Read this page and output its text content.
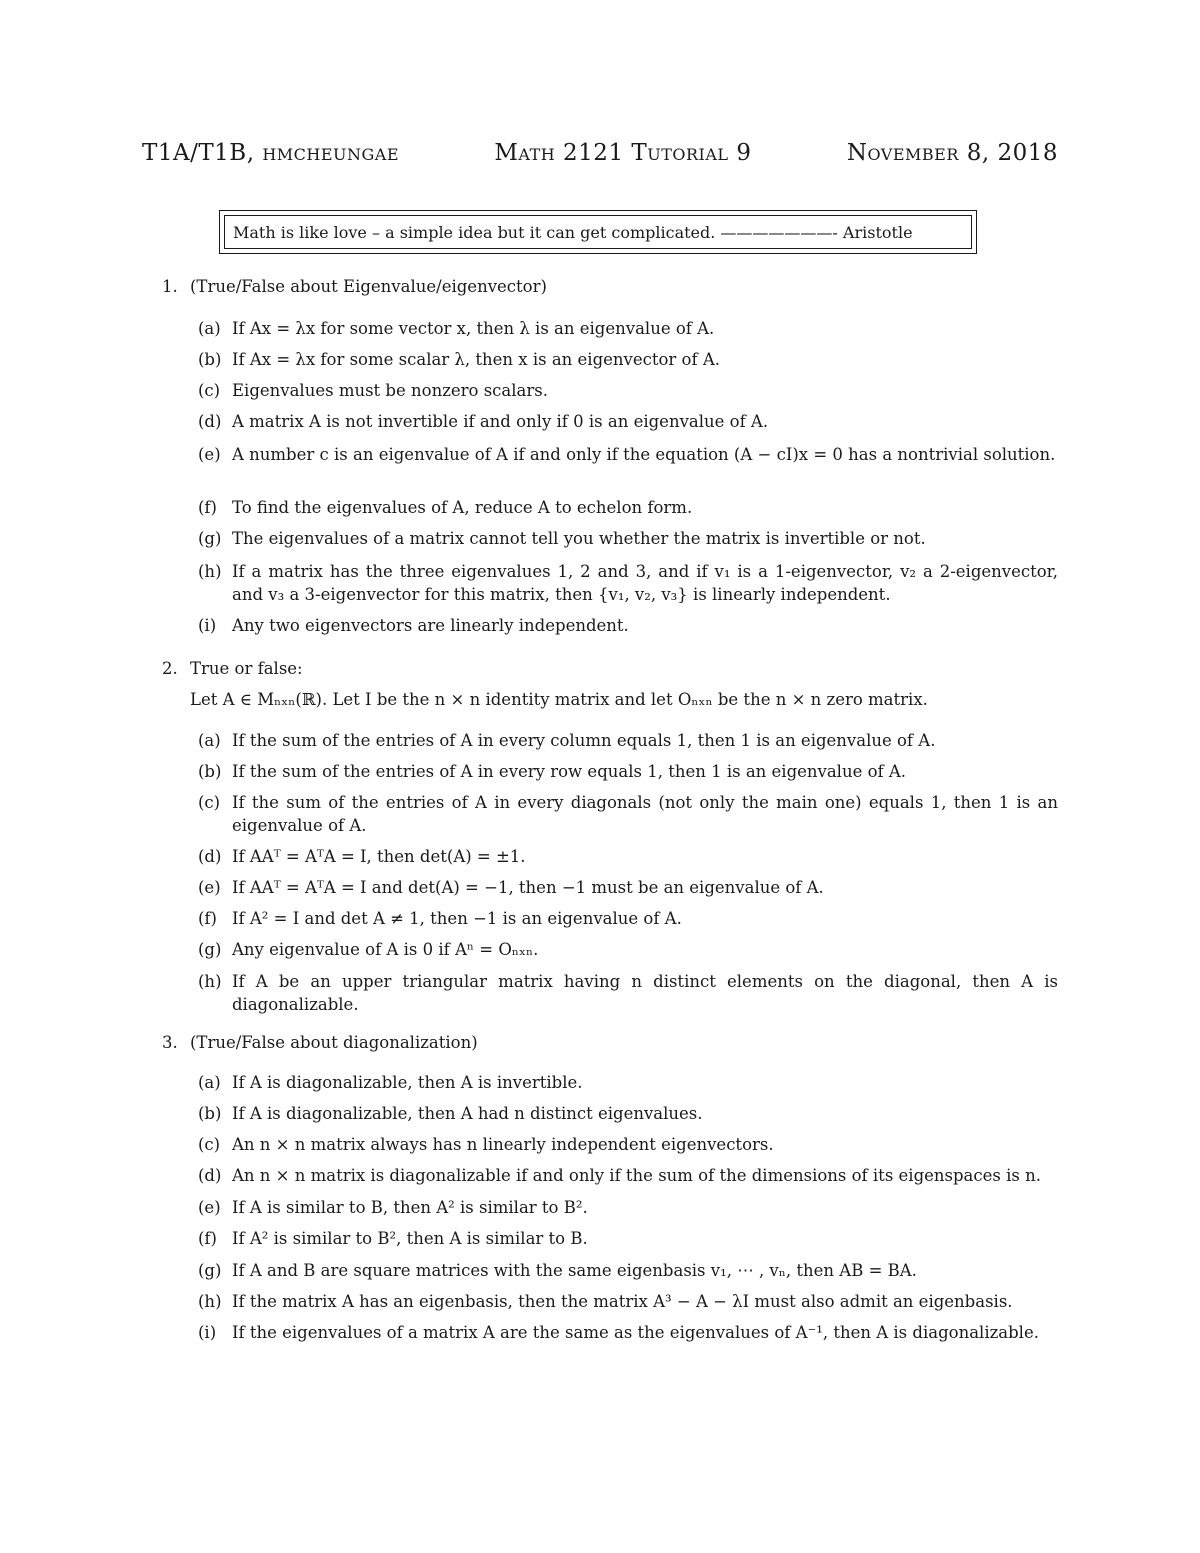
T1A/T1B, hmcheungae	Math 2121 Tutorial 9	November 8, 2018
Math is like love – a simple idea but it can get complicated. ———————- Aristotle
1. (True/False about Eigenvalue/eigenvector)
(a) If Ax = λx for some vector x, then λ is an eigenvalue of A.
(b) If Ax = λx for some scalar λ, then x is an eigenvector of A.
(c) Eigenvalues must be nonzero scalars.
(d) A matrix A is not invertible if and only if 0 is an eigenvalue of A.
(e) A number c is an eigenvalue of A if and only if the equation (A − cI)x = 0 has a nontrivial solution.
(f) To find the eigenvalues of A, reduce A to echelon form.
(g) The eigenvalues of a matrix cannot tell you whether the matrix is invertible or not.
(h) If a matrix has the three eigenvalues 1, 2 and 3, and if v₁ is a 1-eigenvector, v₂ a 2-eigenvector, and v₃ a 3-eigenvector for this matrix, then {v₁, v₂, v₃} is linearly independent.
(i) Any two eigenvectors are linearly independent.
2. True or false:
Let A ∈ Mₙₓₙ(ℝ). Let I be the n × n identity matrix and let Oₙₓₙ be the n × n zero matrix.
(a) If the sum of the entries of A in every column equals 1, then 1 is an eigenvalue of A.
(b) If the sum of the entries of A in every row equals 1, then 1 is an eigenvalue of A.
(c) If the sum of the entries of A in every diagonals (not only the main one) equals 1, then 1 is an eigenvalue of A.
(d) If AAᵀ = AᵀA = I, then det(A) = ±1.
(e) If AAᵀ = AᵀA = I and det(A) = −1, then −1 must be an eigenvalue of A.
(f) If A² = I and det A ≠ 1, then −1 is an eigenvalue of A.
(g) Any eigenvalue of A is 0 if Aⁿ = Oₙₓₙ.
(h) If A be an upper triangular matrix having n distinct elements on the diagonal, then A is diagonalizable.
3. (True/False about diagonalization)
(a) If A is diagonalizable, then A is invertible.
(b) If A is diagonalizable, then A had n distinct eigenvalues.
(c) An n × n matrix always has n linearly independent eigenvectors.
(d) An n × n matrix is diagonalizable if and only if the sum of the dimensions of its eigenspaces is n.
(e) If A is similar to B, then A² is similar to B².
(f) If A² is similar to B², then A is similar to B.
(g) If A and B are square matrices with the same eigenbasis v₁, ⋯ , vₙ, then AB = BA.
(h) If the matrix A has an eigenbasis, then the matrix A³ − A − λI must also admit an eigenbasis.
(i) If the eigenvalues of a matrix A are the same as the eigenvalues of A⁻¹, then A is diagonalizable.
